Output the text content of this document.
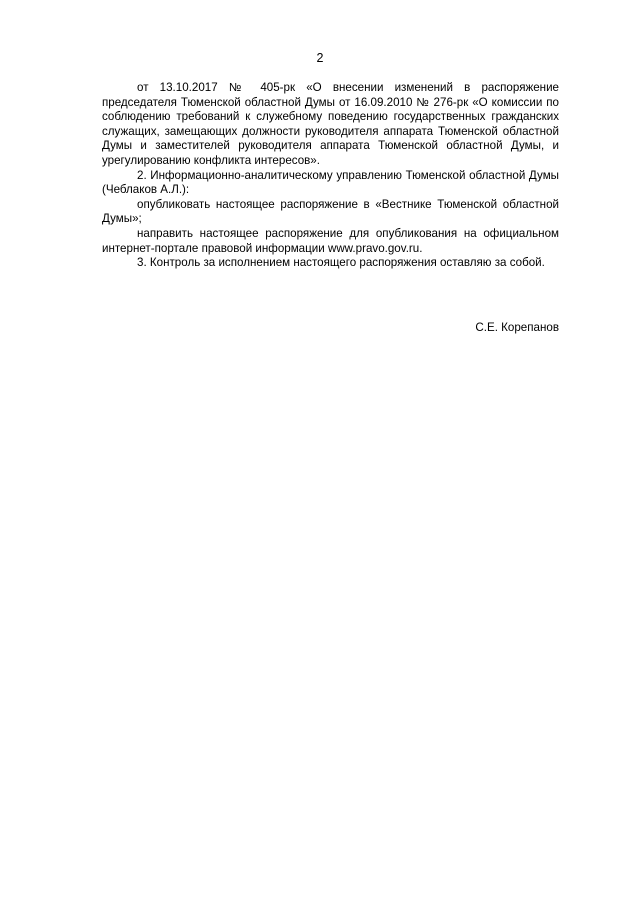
2

от 13.10.2017 № 405-рк «О внесении изменений в распоряжение председателя Тюменской областной Думы от 16.09.2010 № 276-рк «О комиссии по соблюдению требований к служебному поведению государственных гражданских служащих, замещающих должности руководителя аппарата Тюменской областной Думы и заместителей руководителя аппарата Тюменской областной Думы, и урегулированию конфликта интересов».

2. Информационно-аналитическому управлению Тюменской областной Думы (Чеблаков А.Л.):

опубликовать настоящее распоряжение в «Вестнике Тюменской областной Думы»;

направить настоящее распоряжение для опубликования на официальном интернет-портале правовой информации www.pravo.gov.ru.

3. Контроль за исполнением настоящего распоряжения оставляю за собой.

С.Е. Корепанов
